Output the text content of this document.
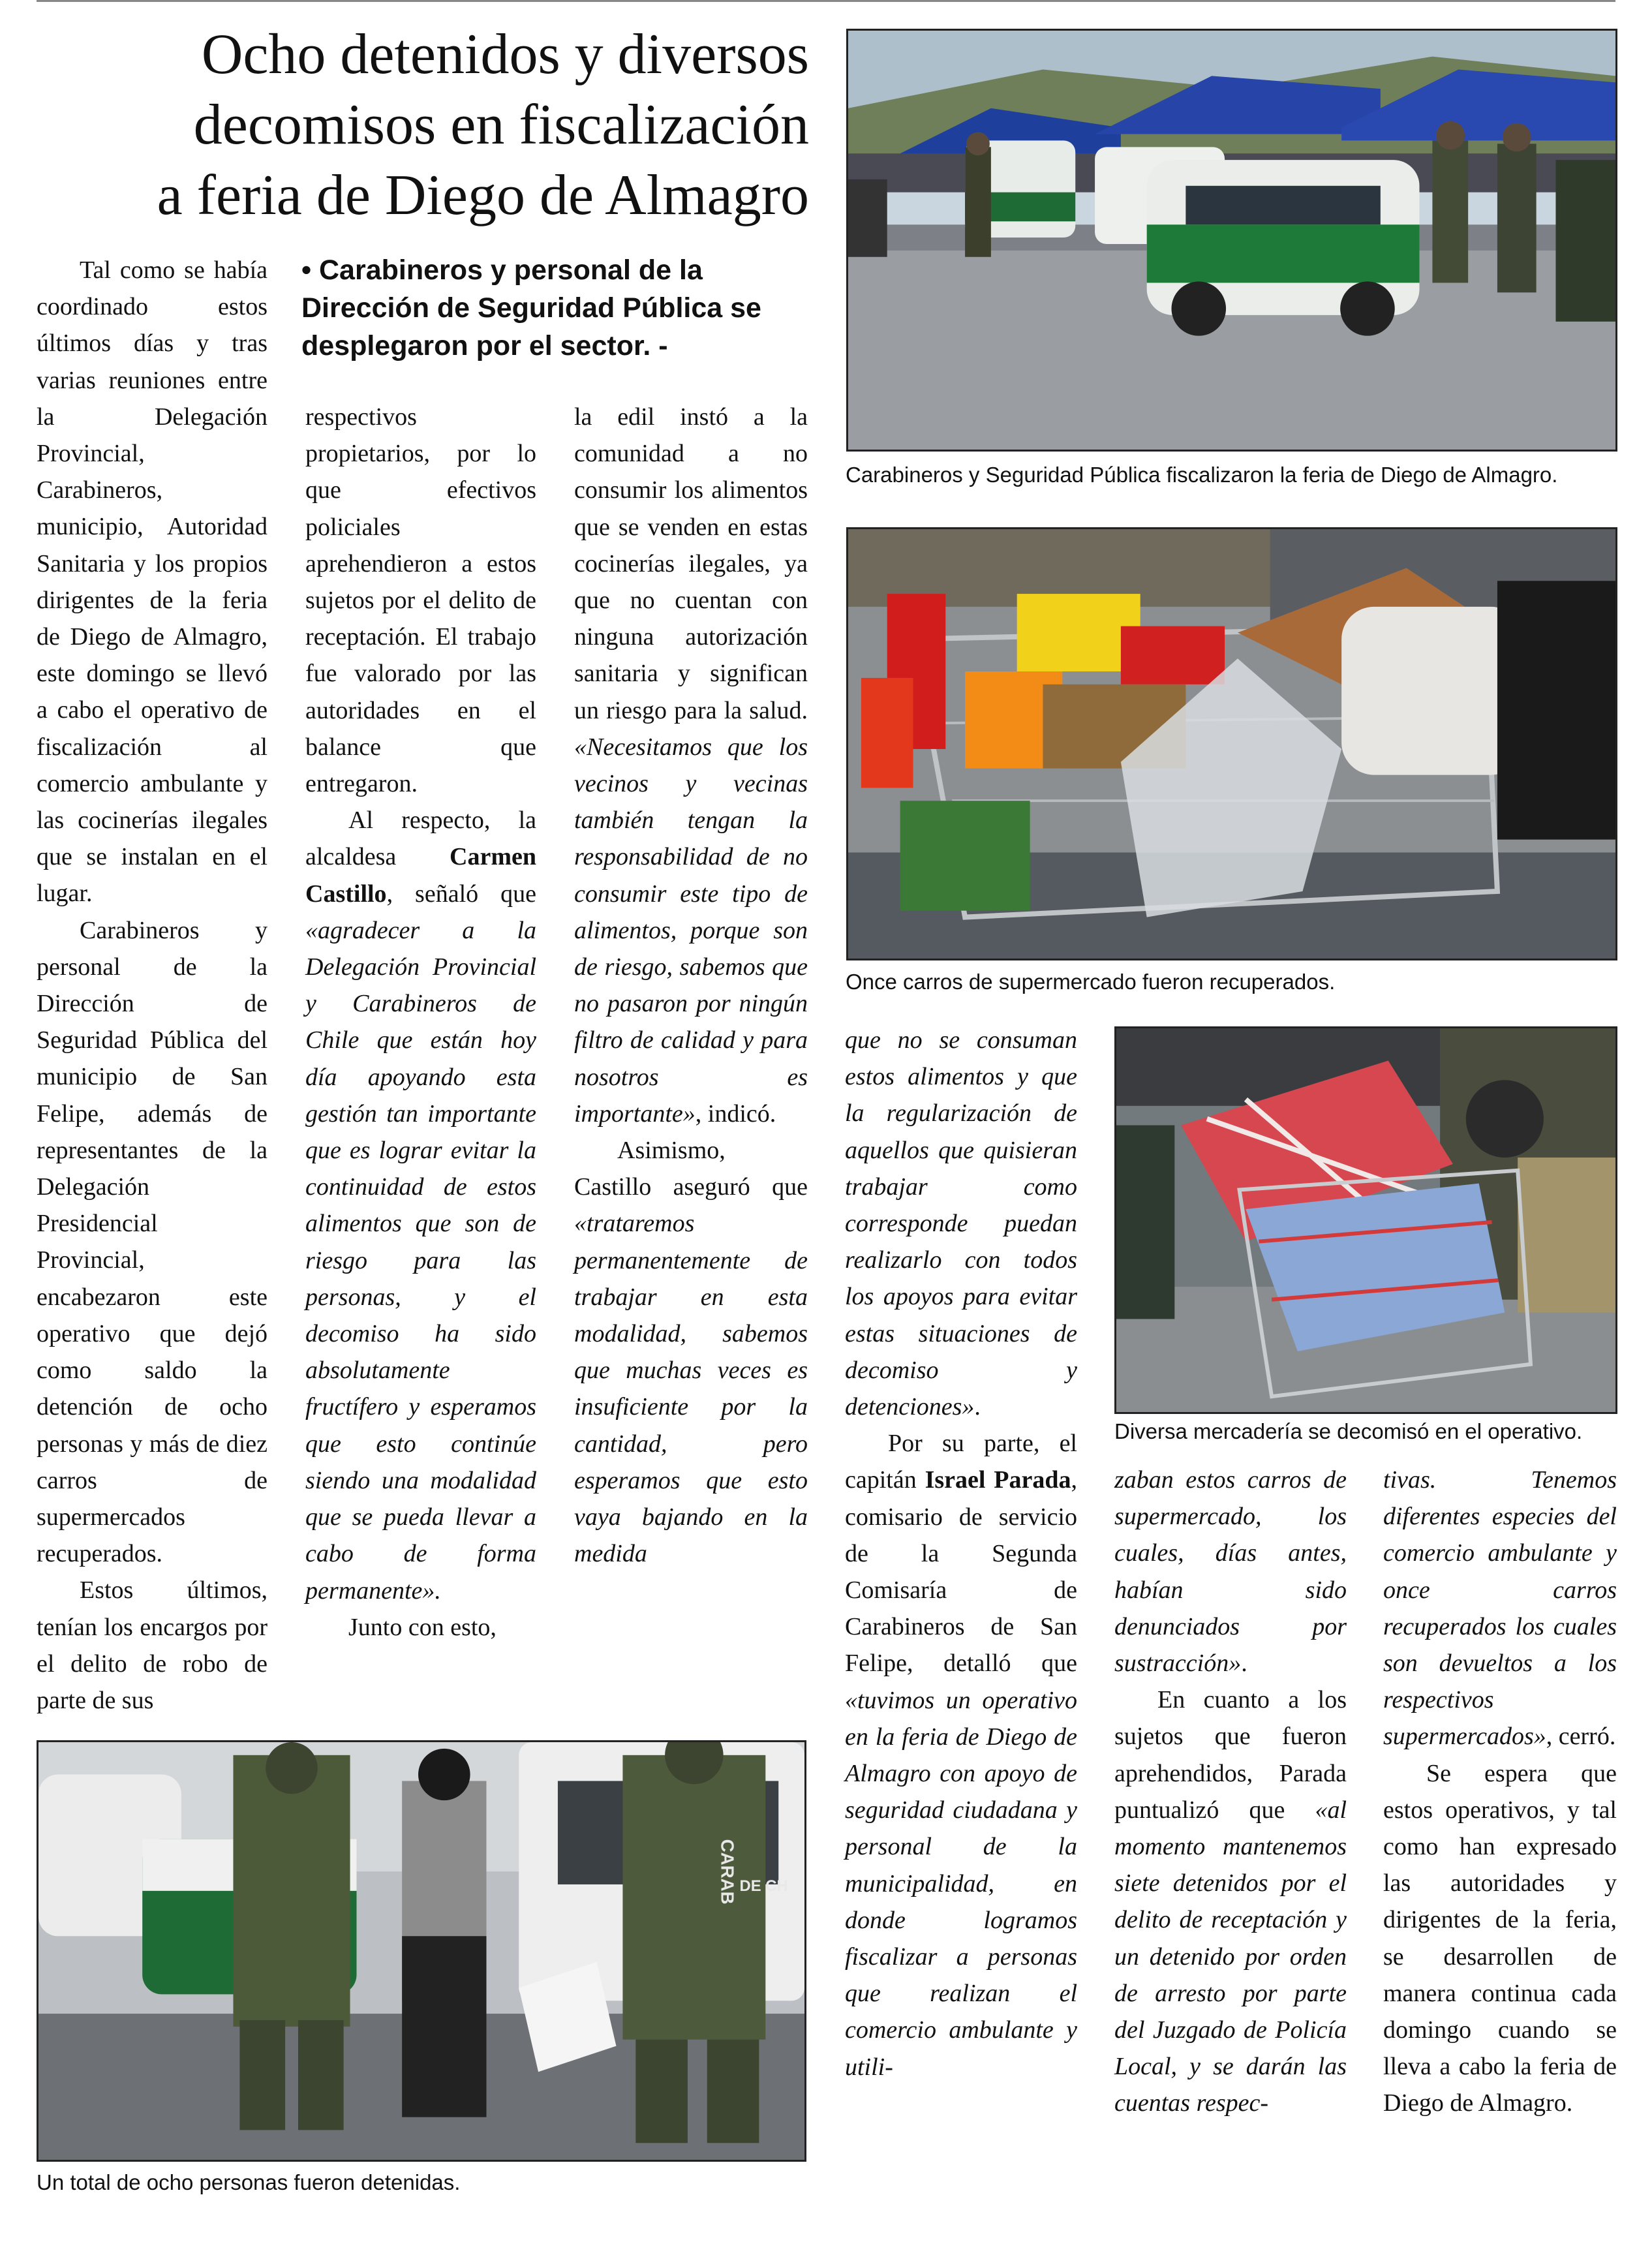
Ocho detenidos y diversos
decomisos en fiscalización
a feria de Diego de Almagro
• Carabineros y personal de la Dirección de Seguridad Pública se desplegaron por el sector. -

Tal como se había coordinado estos últimos días y tras varias reuniones entre la Delegación Provincial, Carabineros, municipio, Autoridad Sanitaria y los propios dirigentes de la feria de Diego de Almagro, este domingo se llevó a cabo el operativo de fiscalización al comercio ambulante y las cocinerías ilegales que se instalan en el lugar.

Carabineros y personal de la Dirección de Seguridad Pública del municipio de San Felipe, además de representantes de la Delegación Presidencial Provincial, encabezaron este operativo que dejó como saldo la detención de ocho personas y más de diez carros de supermercados recuperados.

Estos últimos, tenían los encargos por el delito de robo de parte de sus

respectivos propietarios, por lo que efectivos policiales aprehendieron a estos sujetos por el delito de receptación. El trabajo fue valorado por las autoridades en el balance que entregaron.

Al respecto, la alcaldesa Carmen Castillo, señaló que «agradecer a la Delegación Provincial y Carabineros de Chile que están hoy día apoyando esta gestión tan importante que es lograr evitar la continuidad de estos alimentos que son de riesgo para las personas, y el decomiso ha sido absolutamente fructífero y esperamos que esto continúe siendo una modalidad que se pueda llevar a cabo de forma permanente».

Junto con esto,

la edil instó a la comunidad a no consumir los alimentos que se venden en estas cocinerías ilegales, ya que no cuentan con ninguna autorización sanitaria y significan un riesgo para la salud. «Necesitamos que los vecinos y vecinas también tengan la responsabilidad de no consumir este tipo de alimentos, porque son de riesgo, sabemos que no pasaron por ningún filtro de calidad y para nosotros es importante», indicó.

Asimismo, Castillo aseguró que «trataremos permanentemente de trabajar en esta modalidad, sabemos que muchas veces es insuficiente por la cantidad, pero esperamos que esto vaya bajando en la medida

que no se consuman estos alimentos y que la regularización de aquellos que quisieran trabajar como corresponde puedan realizarlo con todos los apoyos para evitar estas situaciones de decomiso y detenciones».

Por su parte, el capitán Israel Parada, comisario de servicio de la Segunda Comisaría de Carabineros de San Felipe, detalló que «tuvimos un operativo en la feria de Diego de Almagro con apoyo de seguridad ciudadana y personal de la municipalidad, en donde logramos fiscalizar a personas que realizan el comercio ambulante y utili-

zaban estos carros de supermercado, los cuales, días antes, habían sido denunciados por sustracción».

En cuanto a los sujetos que fueron aprehendidos, Parada puntualizó que «al momento mantenemos siete detenidos por el delito de receptación y un detenido por orden de arresto por parte del Juzgado de Policía Local, y se darán las cuentas respec-

tivas. Tenemos diferentes especies del comercio ambulante y once carros recuperados los cuales son devueltos a los respectivos supermercados», cerró.

Se espera que estos operativos, y tal como han expresado las autoridades y dirigentes de la feria, se desarrollen de manera continua cada domingo cuando se lleva a cabo la feria de Diego de Almagro.

Carabineros y Seguridad Pública fiscalizaron la feria de Diego de Almagro.
Once carros de supermercado fueron recuperados.
Diversa mercadería se decomisó en el operativo.
CARAB DE CH
Un total de ocho personas fueron detenidas.
